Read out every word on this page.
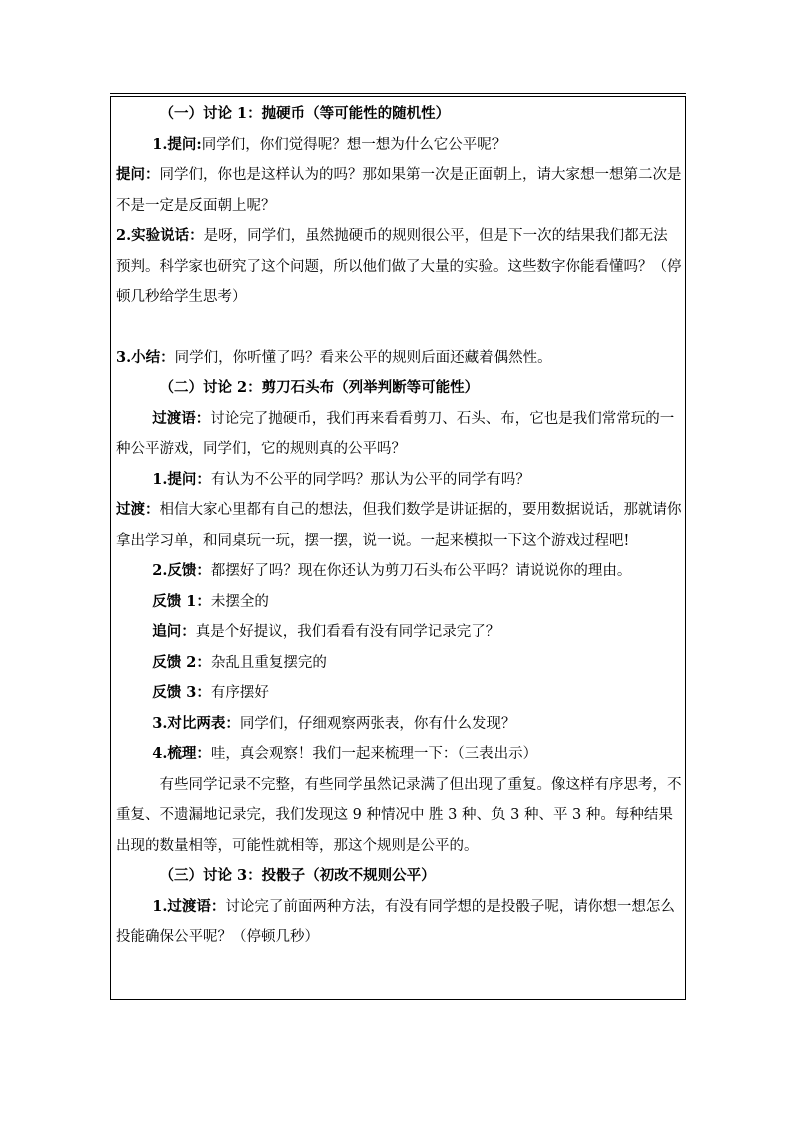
（一）讨论 1：抛硬币（等可能性的随机性）

1.提问:同学们，你们觉得呢？想一想为什么它公平呢？

提问：同学们，你也是这样认为的吗？那如果第一次是正面朝上，请大家想一想第二次是不是一定是反面朝上呢？

2.实验说话：是呀，同学们，虽然抛硬币的规则很公平，但是下一次的结果我们都无法预判。科学家也研究了这个问题，所以他们做了大量的实验。这些数字你能看懂吗？（停顿几秒给学生思考）

3.小结：同学们，你听懂了吗？看来公平的规则后面还藏着偶然性。

（二）讨论 2：剪刀石头布（列举判断等可能性）

过渡语：讨论完了抛硬币，我们再来看看剪刀、石头、布，它也是我们常常玩的一种公平游戏，同学们，它的规则真的公平吗？

1.提问：有认为不公平的同学吗？那认为公平的同学有吗？

过渡：相信大家心里都有自己的想法，但我们数学是讲证据的，要用数据说话，那就请你拿出学习单，和同桌玩一玩，摆一摆，说一说。一起来模拟一下这个游戏过程吧!

2.反馈：都摆好了吗？现在你还认为剪刀石头布公平吗？请说说你的理由。

反馈 1：未摆全的

追问：真是个好提议，我们看看有没有同学记录完了？

反馈 2：杂乱且重复摆完的

反馈 3：有序摆好

3.对比两表：同学们，仔细观察两张表，你有什么发现？

4.梳理：哇，真会观察！我们一起来梳理一下：（三表出示）

有些同学记录不完整，有些同学虽然记录满了但出现了重复。像这样有序思考，不重复、不遗漏地记录完，我们发现这 9 种情况中 胜 3 种、负 3 种、平 3 种。每种结果出现的数量相等，可能性就相等，那这个规则是公平的。

（三）讨论 3：投骰子（初改不规则公平）

1.过渡语：讨论完了前面两种方法，有没有同学想的是投骰子呢，请你想一想怎么投能确保公平呢？（停顿几秒）
